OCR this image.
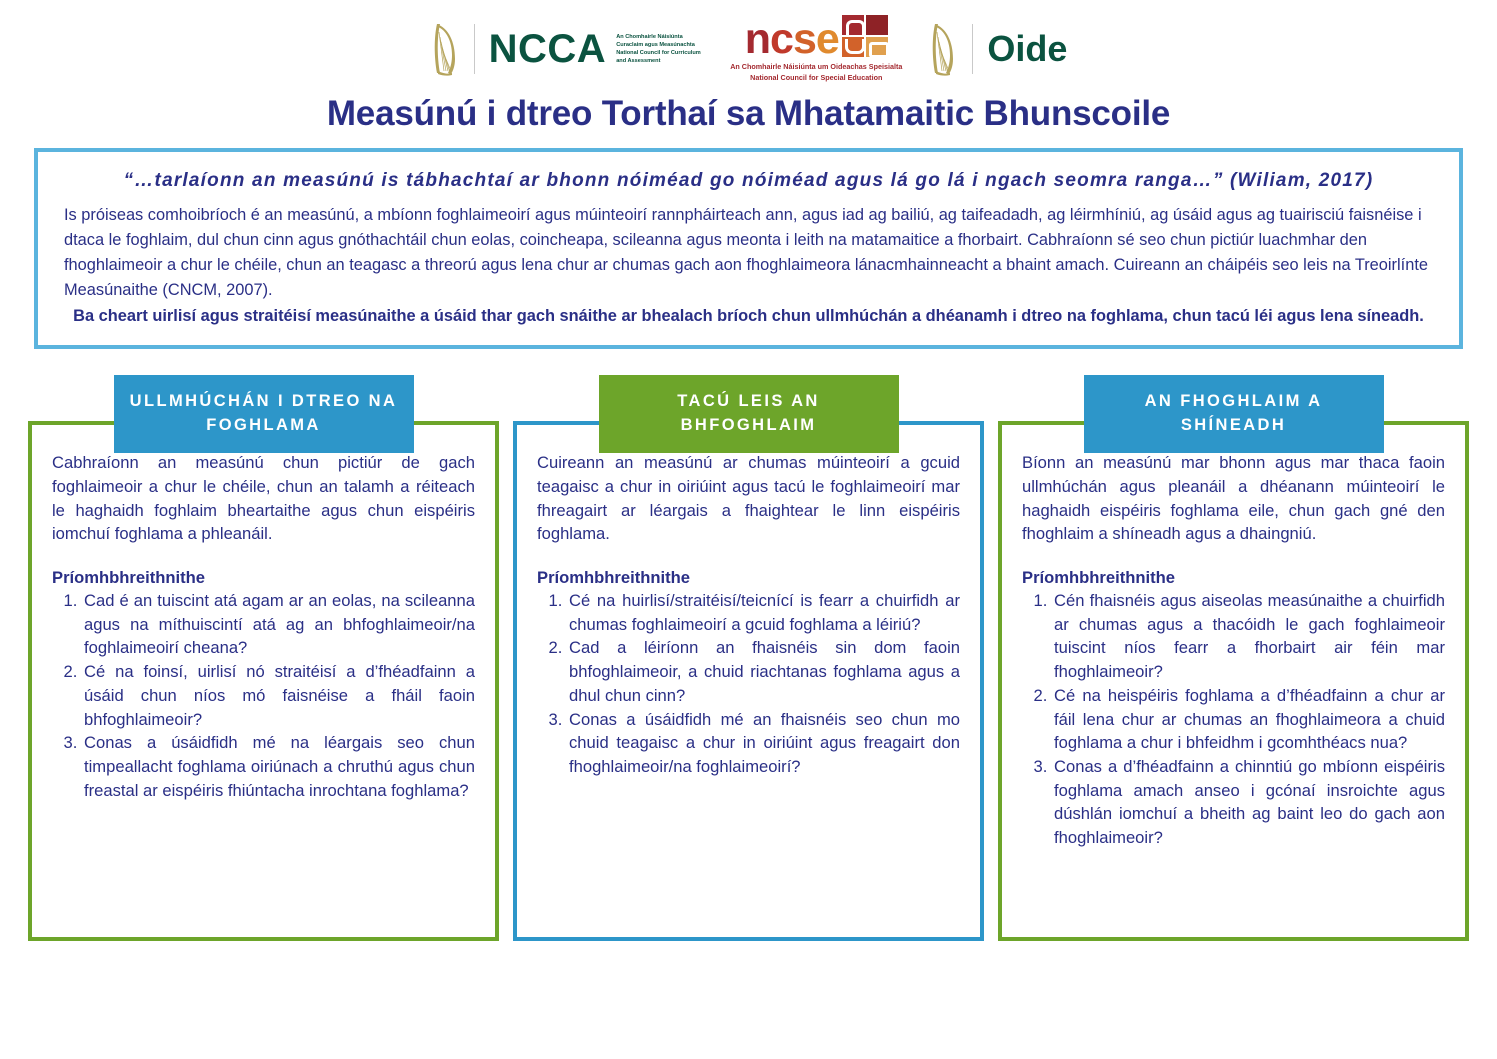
NCCA An Chomhairle Náisiúnta Curaclaim agus Measúnachta National Council for Curriculum and Assessment	n c s e
An Chomhairle Náisiúnta um Oideachas Speisialta
National Council for Special Education
Oide
Measúnú i dtreo Torthaí sa Mhatamaitic Bhunscoile
“…tarlaíonn an measúnú is tábhachtaí ar bhonn nóiméad go nóiméad agus lá go lá i ngach seomra ranga…” (Wiliam, 2017)
Is próiseas comhoibríoch é an measúnú, a mbíonn foghlaimeoirí agus múinteoirí rannpháirteach ann, agus iad ag bailiú, ag taifeadadh, ag léirmhíniú, ag úsáid agus ag tuairisciú faisnéise i dtaca le foghlaim, dul chun cinn agus gnóthachtáil chun eolas, coincheapa, scileanna agus meonta i leith na matamaitice a fhorbairt. Cabhraíonn sé seo chun pictiúr luachmhar den fhoghlaimeoir a chur le chéile, chun an teagasc a threorú agus lena chur ar chumas gach aon fhoghlaimeora lánacmhainneacht a bhaint amach. Cuireann an cháipéis seo leis na Treoirlínte Measúnaithe (CNCM, 2007).
Ba cheart uirlisí agus straitéisí measúnaithe a úsáid thar gach snáithe ar bhealach bríoch chun ullmhúchán a dhéanamh i dtreo na foghlama, chun tacú léi agus lena síneadh.
ULLMHÚCHÁN I DTREO NA FOGHLAMA
Cabhraíonn an measúnú chun pictiúr de gach foghlaimeoir a chur le chéile, chun an talamh a réiteach le haghaidh foghlaim bheartaithe agus chun eispéiris iomchuí foghlama a phleanáil.
Príomhbhreithnithe
1. Cad é an tuiscint atá agam ar an eolas, na scileanna agus na míthuiscintí atá ag an bhfoghlaimeoir/na foghlaimeoirí cheana?
2. Cé na foinsí, uirlisí nó straitéisí a d’fhéadfainn a úsáid chun níos mó faisnéise a fháil faoin bhfoghlaimeoir?
3. Conas a úsáidfidh mé na léargais seo chun timpeallacht foghlama oiriúnach a chruthú agus chun freastal ar eispéiris fhiúntacha inrochtana foghlama?
TACÚ LEIS AN BHFOGHLAIM
Cuireann an measúnú ar chumas múinteoirí a gcuid teagaisc a chur in oiriúint agus tacú le foghlaimeoirí mar fhreagairt ar léargais a fhaightear le linn eispéiris foghlama.
Príomhbhreithnithe
1. Cé na huirlisí/straitéisí/teicnící is fearr a chuirfidh ar chumas foghlaimeoirí a gcuid foghlama a léiriú?
2. Cad a léiríonn an fhaisnéis sin dom faoin bhfoghlaimeoir, a chuid riachtanas foghlama agus a dhul chun cinn?
3. Conas a úsáidfidh mé an fhaisnéis seo chun mo chuid teagaisc a chur in oiriúint agus freagairt don fhoghlaimeoir/na foghlaimeoirí?
AN FHOGHLAIM A SHÍNEADH
Bíonn an measúnú mar bhonn agus mar thaca faoin ullmhúchán agus pleanáil a dhéanann múinteoirí le haghaidh eispéiris foghlama eile, chun gach gné den fhoghlaim a shíneadh agus a dhaingniú.
Príomhbhreithnithe
1. Cén fhaisnéis agus aiseolas measúnaithe a chuirfidh ar chumas agus a thacóidh le gach foghlaimeoir tuiscint níos fearr a fhorbairt air féin mar fhoghlaimeoir?
2. Cé na heispéiris foghlama a d’fhéadfainn a chur ar fáil lena chur ar chumas an fhoghlaimeora a chuid foghlama a chur i bhfeidhm i gcomhthéacs nua?
3. Conas a d’fhéadfainn a chinntiú go mbíonn eispéiris foghlama amach anseo i gcónaí insroichte agus dúshlán iomchuí a bheith ag baint leo do gach aon fhoghlaimeoir?
